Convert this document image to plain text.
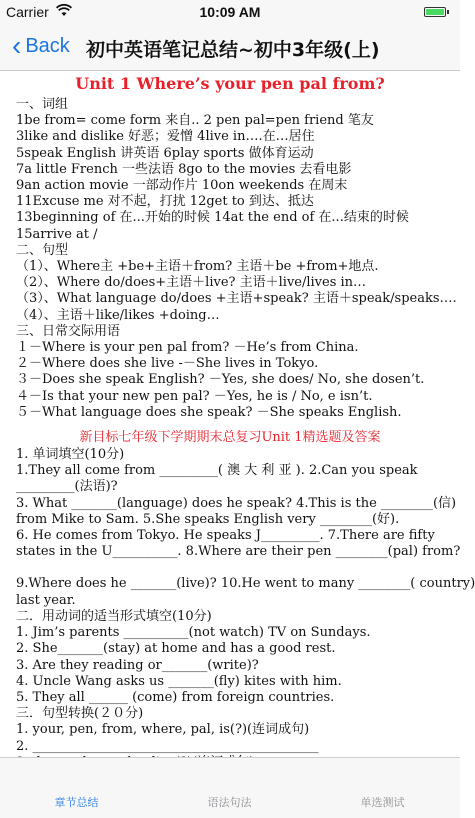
Carrier	10:09 AM
‹ Back 初中英语笔记总结~初中3年级(上)
Unit 1 Where’s your pen pal from?
一、词组
1be from= come form 来自.. 2 pen pal=pen friend 笔友
3like and dislike 好恶；爱憎 4live in….在…居住
5speak English 讲英语 6play sports 做体育运动
7a little French 一些法语 8go to the movies 去看电影
9an action movie 一部动作片 10on weekends 在周末
11Excuse me 对不起，打扰 12get to 到达、抵达
13beginning of 在...开始的时候 14at the end of 在...结束的时候
15arrive at /
二、句型
（1）、Where主 +be+主语＋from? 主语＋be +from+地点.
（2）、Where do/does+主语＋live? 主语＋live/lives in…
（3）、What language do/does +主语+speak? 主语＋speak/speaks….
（4）、主语＋like/likes +doing…
三、日常交际用语
１－Where is your pen pal from? －He’s from China.
２－Where does she live -－She lives in Tokyo.
３－Does she speak English? －Yes, she does/ No, she dosen’t.
４－Is that your new pen pal? －Yes, he is / No, e isn’t.
５－What language does she speak? －She speaks English.
新目标七年级下学期期末总复习Unit 1精选题及答案
1. 单词填空(10分)
1.They all come from _________( 澳 大 利 亚 ). 2.Can you speak
_________(法语)?
3. What _______(language) does he speak? 4.This is the ________(信)
from Mike to Sam. 5.She speaks English very ________(好).
6. He comes from Tokyo. He speaks J_________. 7.There are fifty
states in the U__________. 8.Where are their pen ________(pal) from?
9.Where does he _______(live)? 10.He went to many ________( country)
last year.
二．用动词的适当形式填空(10分)
1. Jim’s parents __________(not watch) TV on Sundays.
2. She_______(stay) at home and has a good rest.
3. Are they reading or_______(write)?
4. Uncle Wang asks us _______(fly) kites with him.
5. They all ______ (come) from foreign countries.
三．句型转换(２０分)
1. your, pen, from, where, pal, is(?)(连词成句)
2. ____________________________________________
章节总结	语法句法	单选测试
